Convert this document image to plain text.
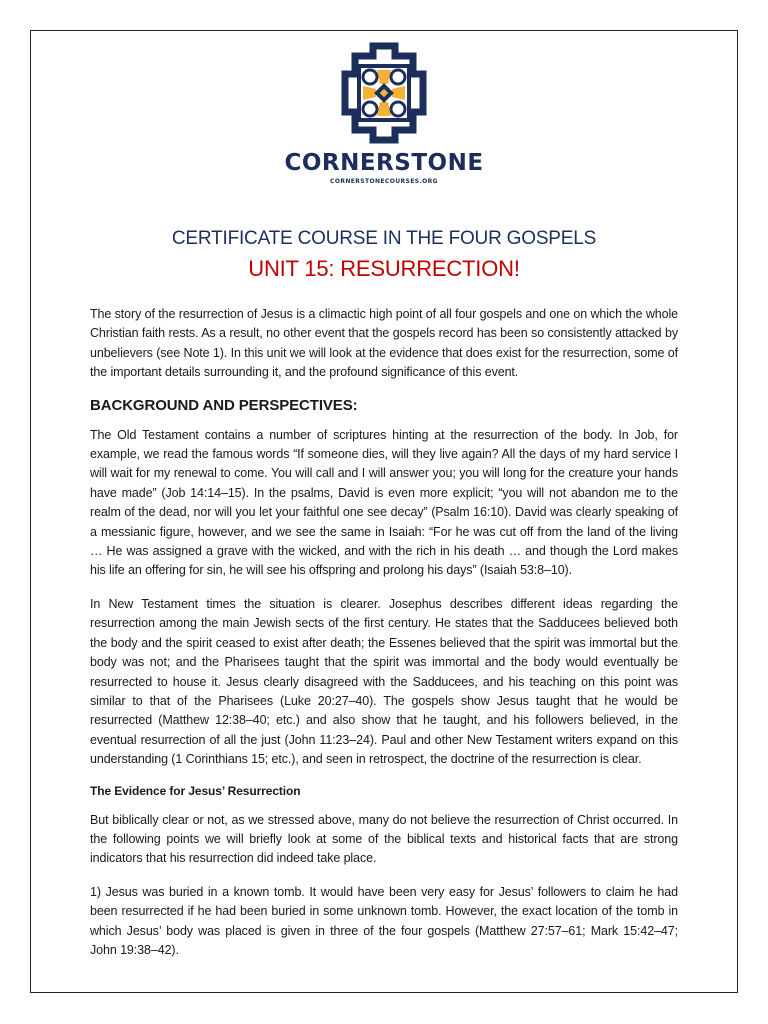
CORNERSTONE
CORNERSTONECOURSES.ORG
CERTIFICATE COURSE IN THE FOUR GOSPELS
UNIT 15: RESURRECTION!

The story of the resurrection of Jesus is a climactic high point of all four gospels and one on which the whole Christian faith rests. As a result, no other event that the gospels record has been so consistently attacked by unbelievers (see Note 1). In this unit we will look at the evidence that does exist for the resurrection, some of the important details surrounding it, and the profound significance of this event.

BACKGROUND AND PERSPECTIVES:

The Old Testament contains a number of scriptures hinting at the resurrection of the body. In Job, for example, we read the famous words “If someone dies, will they live again? All the days of my hard service I will wait for my renewal to come. You will call and I will answer you; you will long for the creature your hands have made” (Job 14:14–15). In the psalms, David is even more explicit; “you will not abandon me to the realm of the dead, nor will you let your faithful one see decay” (Psalm 16:10). David was clearly speaking of a messianic figure, however, and we see the same in Isaiah: “For he was cut off from the land of the living … He was assigned a grave with the wicked, and with the rich in his death … and though the Lord makes his life an offering for sin, he will see his offspring and prolong his days” (Isaiah 53:8–10).

In New Testament times the situation is clearer. Josephus describes different ideas regarding the resurrection among the main Jewish sects of the first century. He states that the Sadducees believed both the body and the spirit ceased to exist after death; the Essenes believed that the spirit was immortal but the body was not; and the Pharisees taught that the spirit was immortal and the body would eventually be resurrected to house it. Jesus clearly disagreed with the Sadducees, and his teaching on this point was similar to that of the Pharisees (Luke 20:27–40). The gospels show Jesus taught that he would be resurrected (Matthew 12:38–40; etc.) and also show that he taught, and his followers believed, in the eventual resurrection of all the just (John 11:23–24). Paul and other New Testament writers expand on this understanding (1 Corinthians 15; etc.), and seen in retrospect, the doctrine of the resurrection is clear.

The Evidence for Jesus’ Resurrection

But biblically clear or not, as we stressed above, many do not believe the resurrection of Christ occurred. In the following points we will briefly look at some of the biblical texts and historical facts that are strong indicators that his resurrection did indeed take place.

1) Jesus was buried in a known tomb. It would have been very easy for Jesus’ followers to claim he had been resurrected if he had been buried in some unknown tomb. However, the exact location of the tomb in which Jesus’ body was placed is given in three of the four gospels (Matthew 27:57–61; Mark 15:42–47; John 19:38–42).
